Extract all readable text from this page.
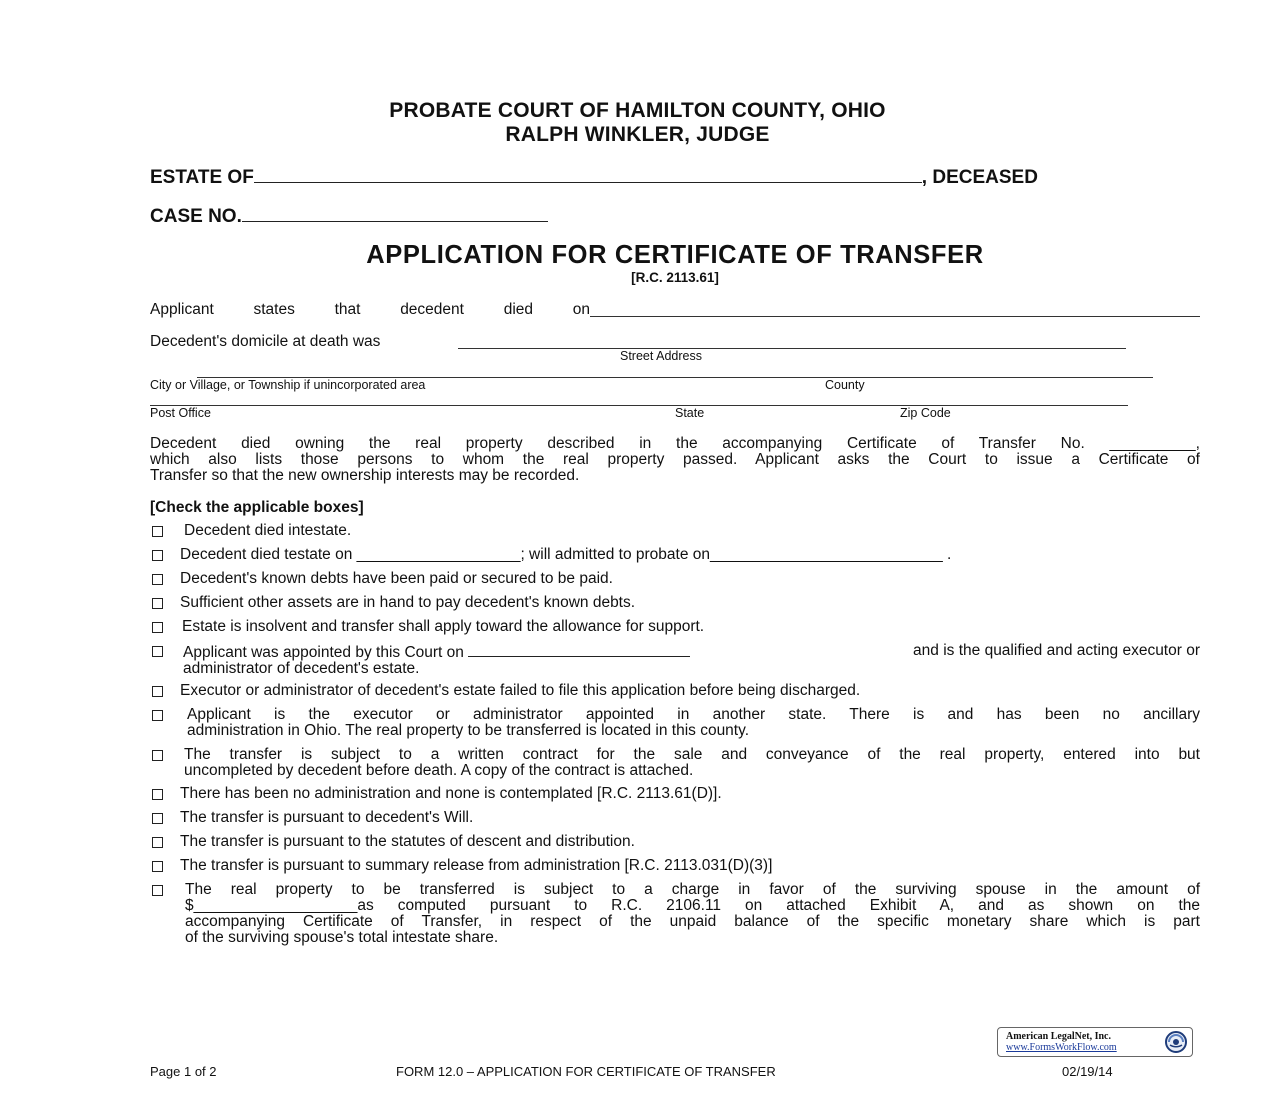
PROBATE COURT OF HAMILTON COUNTY, OHIO
RALPH WINKLER, JUDGE
ESTATE OF	, DECEASED
CASE NO.
APPLICATION FOR CERTIFICATE OF TRANSFER
[R.C. 2113.61]
Applicant	states	that	decedent	died	on
Decedent's domicile at death was
Street Address
City or Village, or Township if unincorporated area	County
Post Office	State	Zip Code
Decedent died owning the real property described in the accompanying Certificate of Transfer No. __________,
which also lists those persons to whom the real property passed. Applicant asks the Court to issue a Certificate of
Transfer so that the new ownership interests may be recorded.
[Check the applicable boxes]
Decedent died intestate.
Decedent died testate on ___________________; will admitted to probate on___________________________ .
Decedent's known debts have been paid or secured to be paid.
Sufficient other assets are in hand to pay decedent's known debts.
Estate is insolvent and transfer shall apply toward the allowance for support.
Applicant was appointed by this Court on	and is the qualified and acting executor or
administrator of decedent's estate.
Executor or administrator of decedent's estate failed to file this application before being discharged.
Applicant is the executor or administrator appointed in another state. There is and has been no ancillary
administration in Ohio. The real property to be transferred is located in this county.
The transfer is subject to a written contract for the sale and conveyance of the real property, entered into but
uncompleted by decedent before death. A copy of the contract is attached.
There has been no administration and none is contemplated [R.C. 2113.61(D)].
The transfer is pursuant to decedent's Will.
The transfer is pursuant to the statutes of descent and distribution.
The transfer is pursuant to summary release from administration [R.C. 2113.031(D)(3)]
The real property to be transferred is subject to a charge in favor of the surviving spouse in the amount of
$___________________as computed pursuant to R.C. 2106.11 on attached Exhibit A, and as shown on the
accompanying Certificate of Transfer, in respect of the unpaid balance of the specific monetary share which is part
of the surviving spouse's total intestate share.
American LegalNet, Inc.
www.FormsWorkFlow.com
Page 1 of 2	FORM 12.0 – APPLICATION FOR CERTIFICATE OF TRANSFER	02/19/14
